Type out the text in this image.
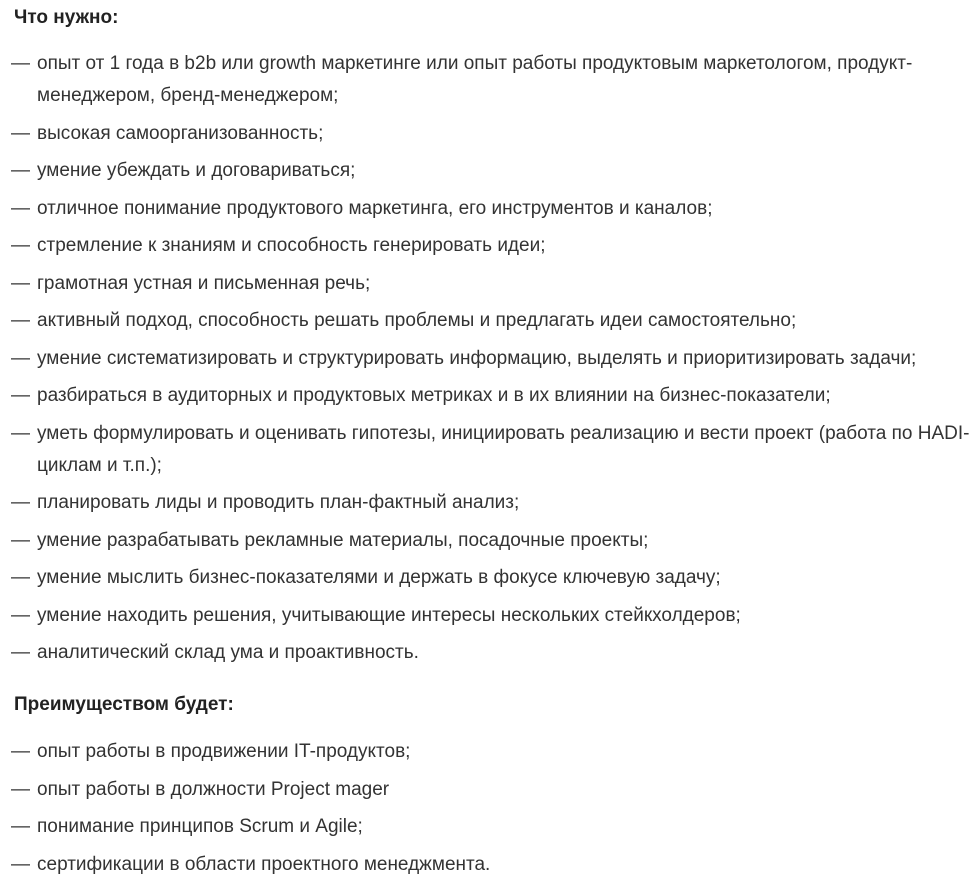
Что нужно:
— опыт от 1 года в b2b или growth маркетинге или опыт работы продуктовым маркетологом, продукт-менеджером, бренд-менеджером;
— высокая самоорганизованность;
— умение убеждать и договариваться;
— отличное понимание продуктового маркетинга, его инструментов и каналов;
— стремление к знаниям и способность генерировать идеи;
— грамотная устная и письменная речь;
— активный подход, способность решать проблемы и предлагать идеи самостоятельно;
— умение систематизировать и структурировать информацию, выделять и приоритизировать задачи;
— разбираться в аудиторных и продуктовых метриках и в их влиянии на бизнес-показатели;
— уметь формулировать и оценивать гипотезы, инициировать реализацию и вести проект (работа по HADI-циклам и т.п.);
— планировать лиды и проводить план-фактный анализ;
— умение разрабатывать рекламные материалы, посадочные проекты;
— умение мыслить бизнес-показателями и держать в фокусе ключевую задачу;
— умение находить решения, учитывающие интересы нескольких стейкхолдеров;
— аналитический склад ума и проактивность.
Преимуществом будет:
— опыт работы в продвижении IT-продуктов;
— опыт работы в должности Project mager
— понимание принципов Scrum и Agile;
— сертификации в области проектного менеджмента.
